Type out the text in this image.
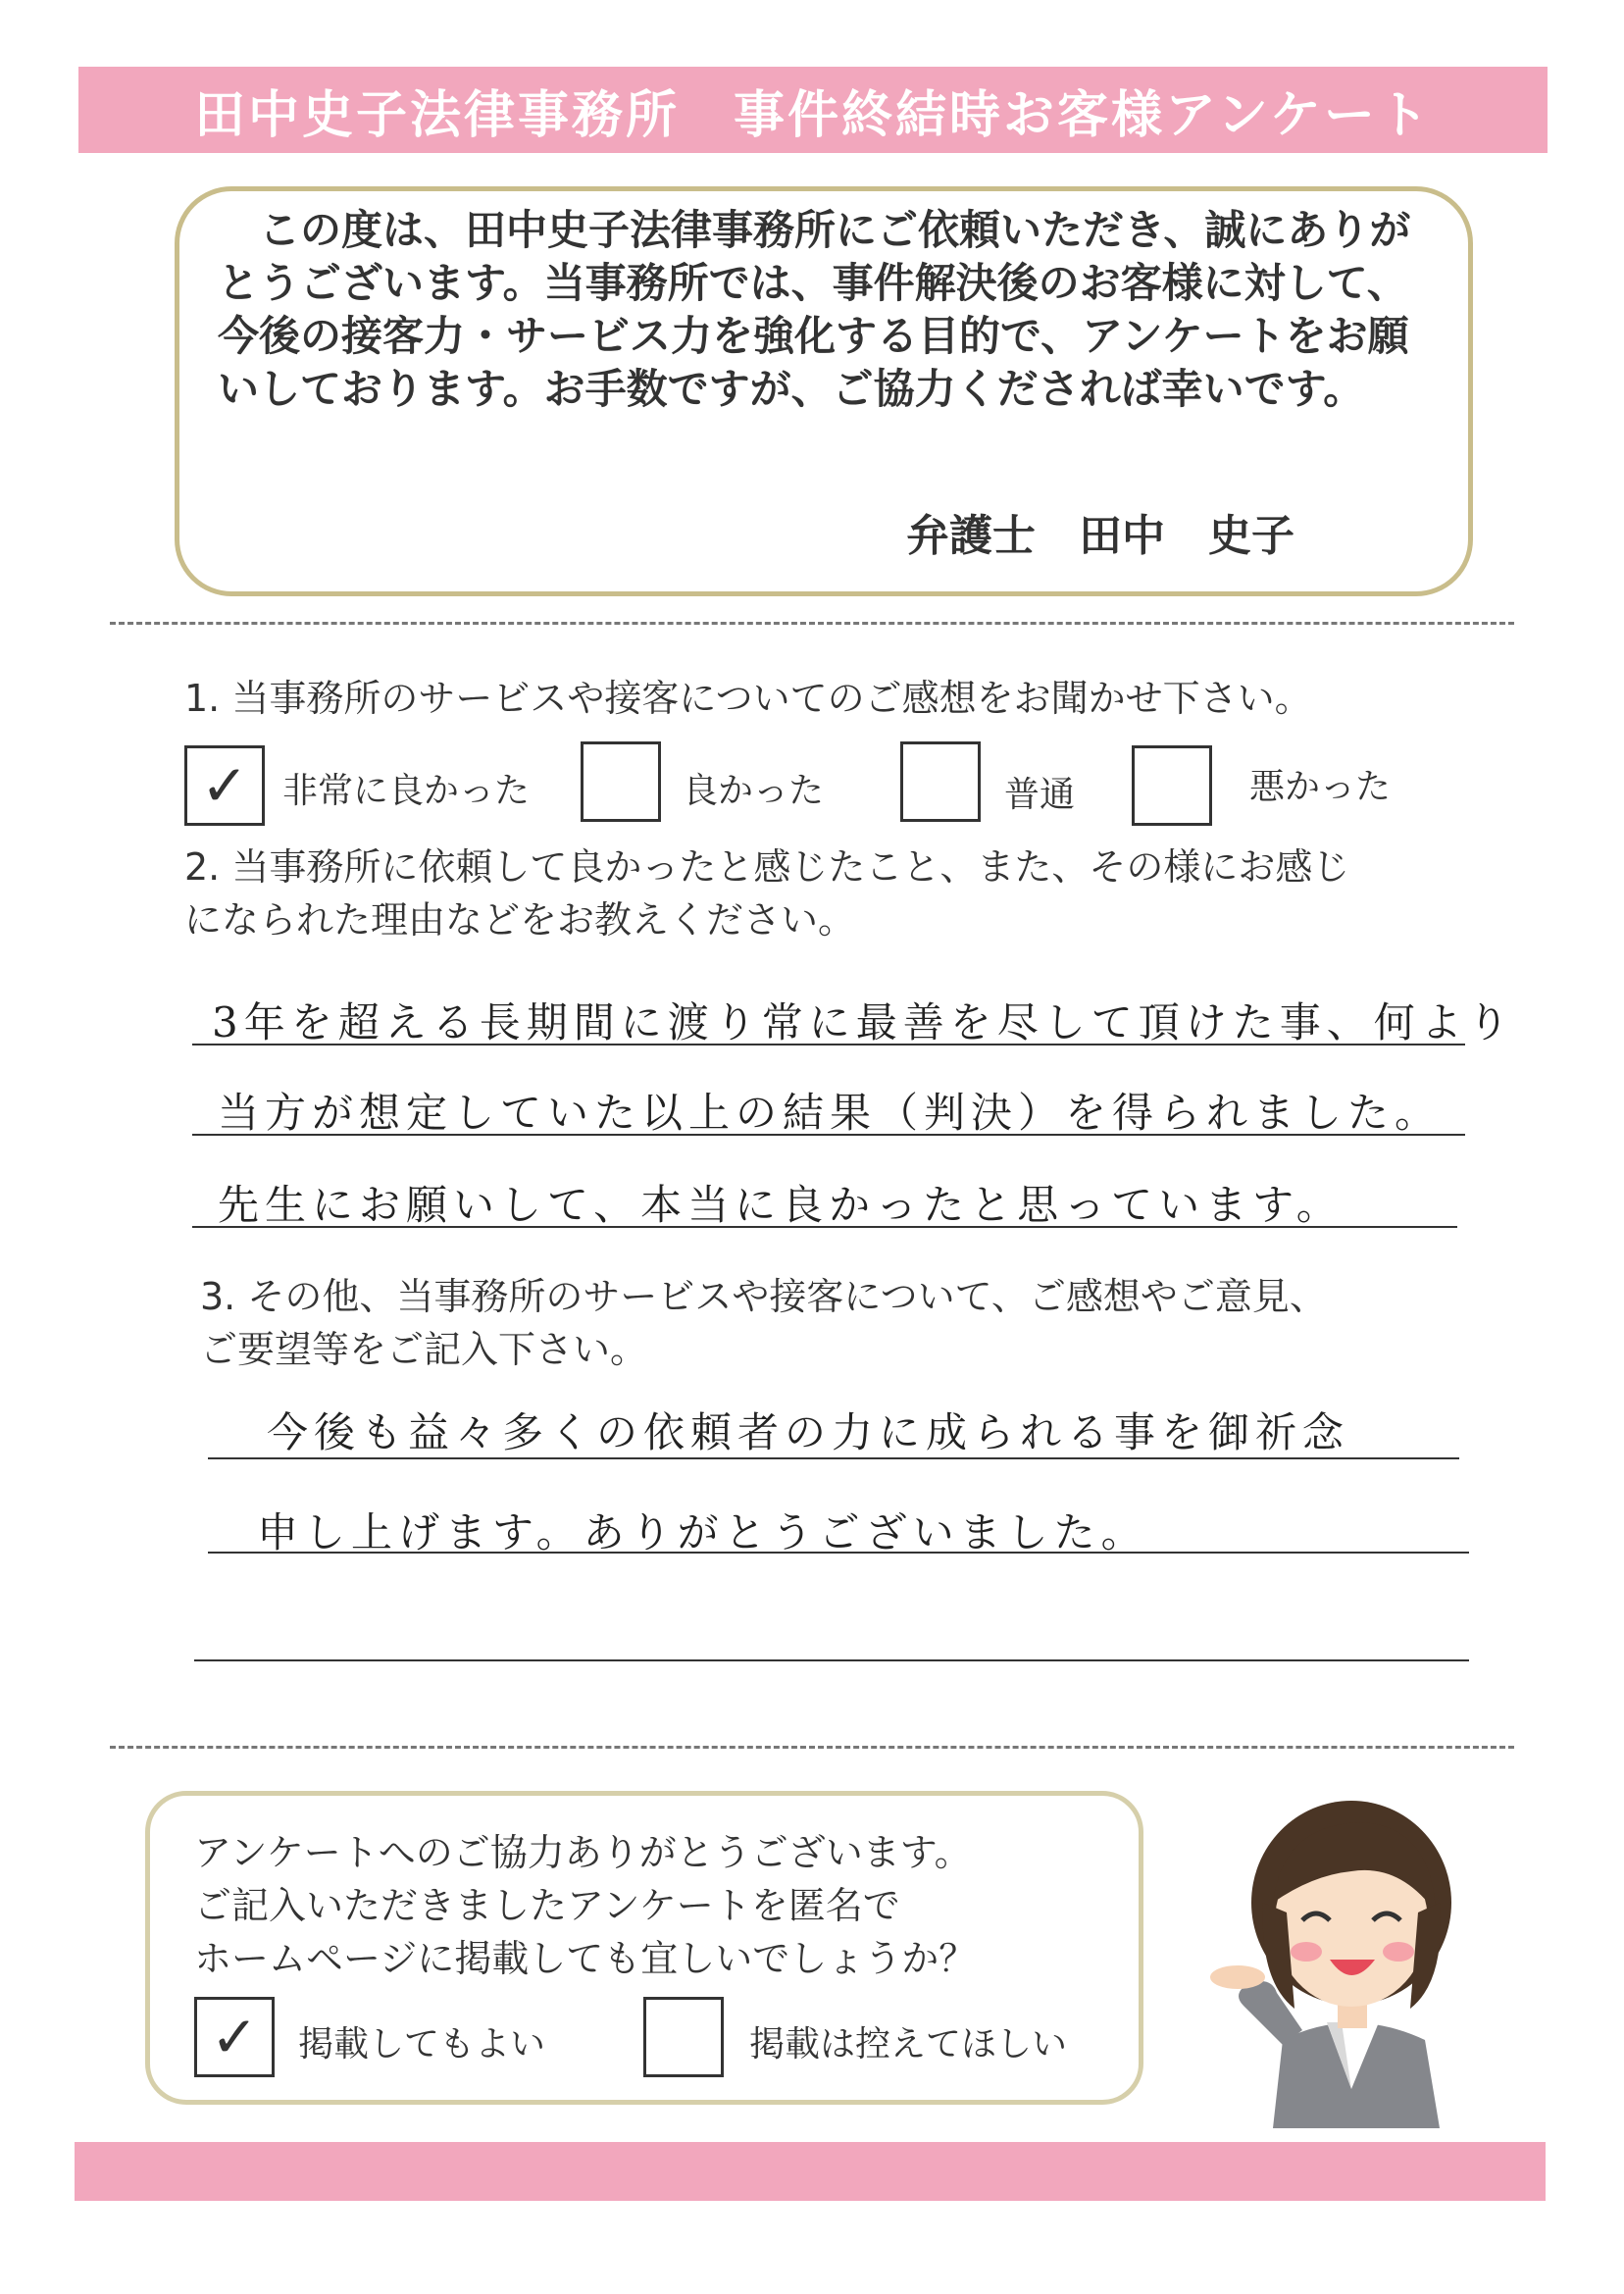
田中史子法律事務所　事件終結時お客様アンケート
この度は、田中史子法律事務所にご依頼いただき、誠にありがとうございます。当事務所では、事件解決後のお客様に対して、今後の接客力・サービス力を強化する目的で、アンケートをお願いしております。お手数ですが、ご協力くだされば幸いです。
弁護士　田中　史子
1. 当事務所のサービスや接客についてのご感想をお聞かせ下さい。
✓ 非常に良かった	良かった	普通	悪かった
2. 当事務所に依頼して良かったと感じたこと、また、その様にお感じ
になられた理由などをお教えください。
3年を超える長期間に渡り常に最善を尽して頂けた事、何より
当方が想定していた以上の結果（判決）を得られました。
先生にお願いして、本当に良かったと思っています。
3. その他、当事務所のサービスや接客について、ご感想やご意見、
ご要望等をご記入下さい。
今後も益々多くの依頼者の力に成られる事を御祈念
申し上げます。ありがとうございました。
アンケートへのご協力ありがとうございます。
ご記入いただきましたアンケートを匿名で
ホームページに掲載しても宜しいでしょうか？
✓ 掲載してもよい	掲載は控えてほしい
